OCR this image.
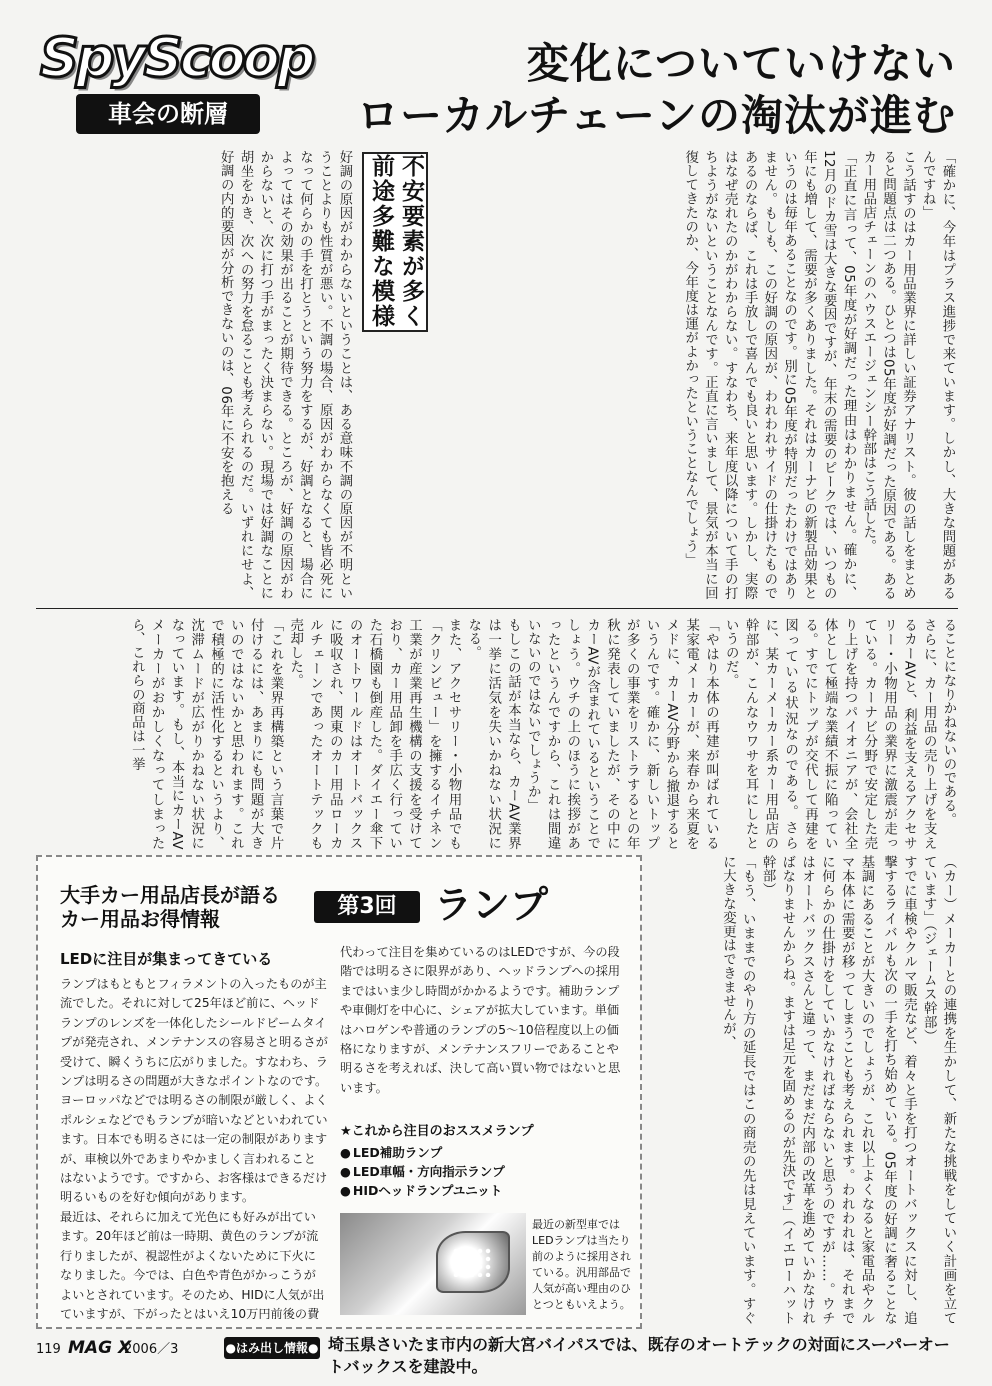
SpyScoop
車会の断層
変化についていけない
ローカルチェーンの淘汰が進む
「確かに、今年はプラス進捗で来ています。しかし、大きな問題があるんですね」
こう話すのはカー用品業界に詳しい証券アナリスト。彼の話しをまとめると問題点は二つある。ひとつは05年度が好調だった原因である。あるカー用品店チェーンのハウスエージェンシー幹部はこう話した。
「正直に言って、05年度が好調だった理由はわかりません。確かに、12月のドカ雪は大きな要因ですが、年末の需要のピークでは、いつもの年にも増して、需要が多くありました。それはカーナビの新製品効果というのは毎年あることなのです。別に05年度が特別だったわけではありません。もしも、この好調の原因が、われわれサイドの仕掛けたものであるのならば、これは手放しで喜んでも良いと思います。しかし、実際はなぜ売れたのかがわからない。すなわち、来年度以降について手の打ちようがないということなんです。正直に言いまして、景気が本当に回復してきたのか、今年度は運がよかったということなんでしょう」
不安要素が多く前途多難な模様
好調の原因がわからないということは、ある意味不調の原因が不明ということよりも性質が悪い。不調の場合、原因がわからなくても皆必死になって何らかの手を打とうという努力をするが、好調となると、場合によってはその効果が出ることが期待できる。ところが、好調の原因がわからないと、次に打つ手がまったく決まらない。現場では好調なことに胡坐をかき、次への努力を怠ることも考えられるのだ。いずれにせよ、好調の内的要因が分析できないのは、06年に不安を抱える
ることになりかねないのである。
さらに、カー用品の売り上げを支えるカーAVと、利益を支えるアクセサリー・小物用品の業界に激震が走っている。カーナビ分野で安定した売り上げを持つパイオニアが、会社全体として極端な業績不振に陥っている。すでにトップが交代して再建を図っている状況なのである。さらに、某カーメーカー系カー用品店の幹部が、こんなウワサを耳にしたというのだ。
「やはり本体の再建が叫ばれている某家電メーカーが、来春から来夏をメドに、カーAV分野から撤退するというんです。確かに、新しいトップが多くの事業をリストラするとの年秋に発表していましたが、その中にカーAVが含まれているということでしょう。ウチの上のほうに挨拶があったというんですから、これは間違いないのではないでしょうか」
もしこの話が本当なら、カーAV業界は一挙に活気を失いかねない状況になる。
また、アクセサリー・小物用品でも「クリンビュー」を擁するイチネン工業が産業再生機構の支援を受けており、カー用品卸を手広く行っていた石橋園も倒産した。ダイエー傘下のオートワールドはオートバックスに吸収され、関東のカー用品ローカルチェーンであったオートテックも売却した。
「これを業界再構築という言葉で片付けるには、あまりにも問題が大きいのではないかと思われます。これで積極的に活性化するというより、沈滞ムードが広がりかねない状況になっています。もし、本当にカーAVメーカーがおかしくなってしまったら、これらの商品は一挙
大手カー用品店長が語る
カー用品お得情報	第3回 ランプ
LEDに注目が集まってきている
ランプはもともとフィラメントの入ったものが主流でした。それに対して25年ほど前に、ヘッドランプのレンズを一体化したシールドビームタイプが発売され、メンテナンスの容易さと明るさが受けて、瞬くうちに広がりました。すなわち、ランプは明るさの問題が大きなポイントなのです。
ヨーロッパなどでは明るさの制限が厳しく、よくポルシェなどでもランプが暗いなどといわれています。日本でも明るさには一定の制限がありますが、車検以外であまりやかましく言われることはないようです。ですから、お客様はできるだけ明るいものを好む傾向があります。
最近は、それらに加えて光色にも好みが出ています。20年ほど前は一時期、黄色のランプが流行りましたが、視認性がよくないために下火になりました。今では、白色や青色がかっこうがよいとされています。そのため、HIDに人気が出ていますが、下がったとはいえ10万円前後の費
代わって注目を集めているのはLEDですが、今の段階では明るさに限界があり、ヘッドランプへの採用まではいま少し時間がかかるようです。補助ランプや車側灯を中心に、シェアが拡大しています。単価はハロゲンや普通のランプの5〜10倍程度以上の価格になりますが、メンテナンスフリーであることや明るさを考えれば、決して高い買い物ではないと思います。
★これから注目のおススメランプ
● LED補助ランプ
● LED車幅・方向指示ランプ
● HIDヘッドランプユニット
最近の新型車ではLEDランプは当たり前のように採用されている。汎用部品で人気が高い理由のひとつともいえよう。
119 MAG X
2006／3	●はみ出し情報● 埼玉県さいたま市内の新大宮バイパスでは、既存のオートテックの対面にスーパーオートバックスを建設中。
（カー）メーカーとの連携を生かして、新たな挑戦をしていく計画を立てています」（ジェームス幹部）
すでに車検やクルマ販売など、着々と手を打つオートバックスに対し、追撃するライバルも次の一手を打ち始めている。05年度の好調に奢ることな
基調にあることが大きいのでしょうが、これ以上よくなると家電品やクルマ本体に需要が移ってしまうことも考えられます。われわれは、それまでに何らかの仕掛けをしていかなければならないと思うのですが……。ウチはオートバックスさんと違って、まだまだ内部の改革を進めていかなければなりませんからね。ますは足元を固めるのが先決です」（イエローハット幹部）
「もう、いままでのやり方の延長ではこの商売の先は見えています。すぐに大きな変更はできませんが、
